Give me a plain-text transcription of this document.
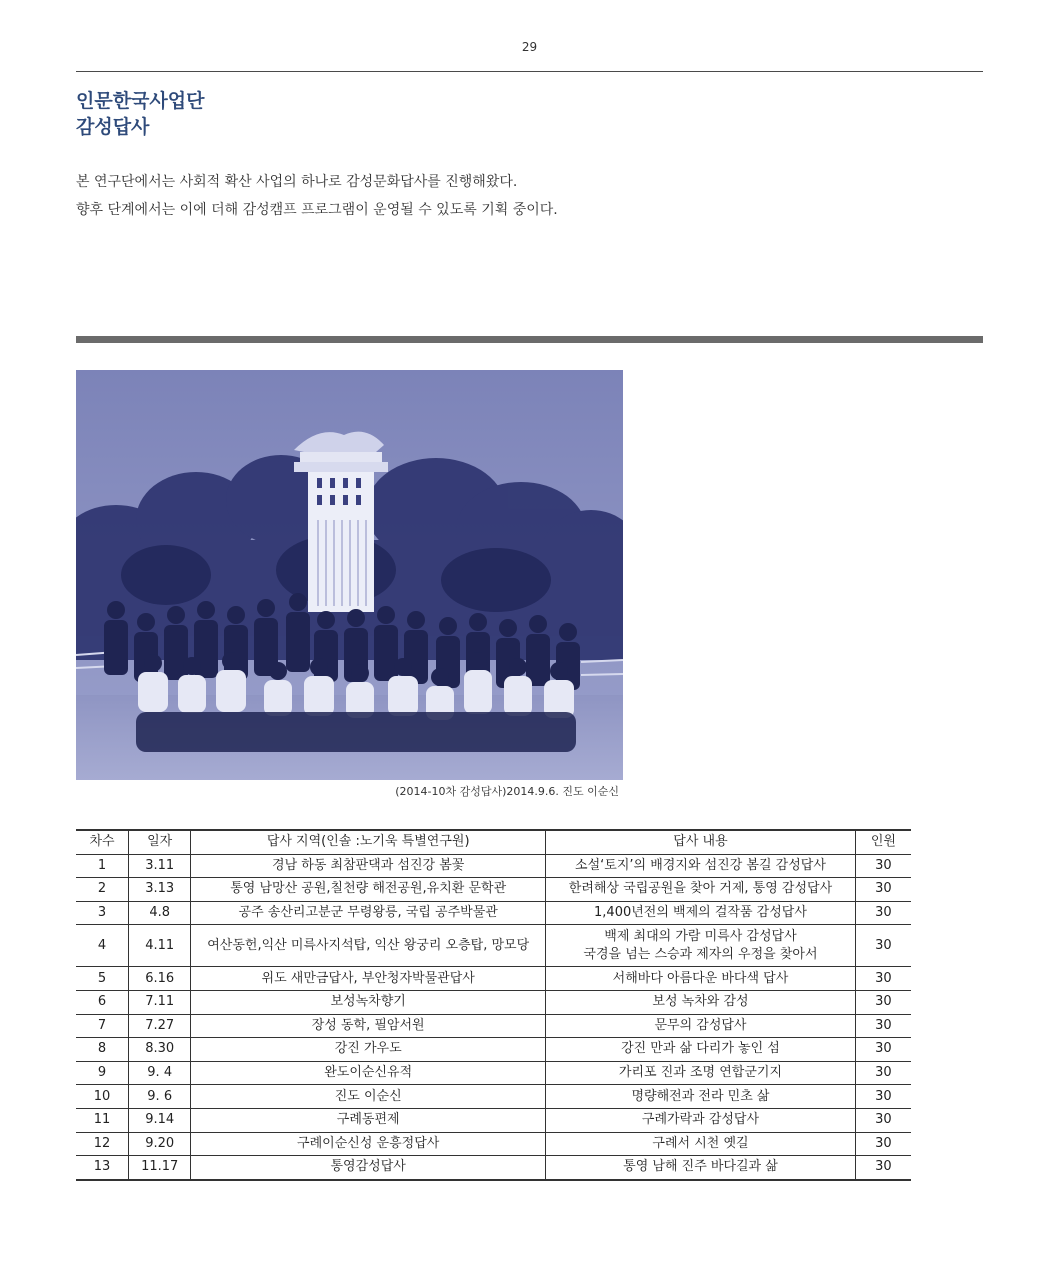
29
인문한국사업단
감성답사
본 연구단에서는 사회적 확산 사업의 하나로 감성문화답사를 진행해왔다.
향후 단계에서는 이에 더해 감성캠프 프로그램이 운영될 수 있도록 기획 중이다.
(2014-10차 감성답사)2014.9.6. 진도 이순신
차수	일자	답사 지역(인솔 :노기욱 특별연구원)	답사 내용	인원
1	3.11	경남 하동 최참판댁과 섬진강 봄꽃	소설‘토지’의 배경지와 섬진강 봄길 감성답사	30
2	3.13	통영 남망산 공원,칠천량 해전공원,유치환 문학관	한려해상 국립공원을 찾아 거제, 통영 감성답사	30
3	4.8	공주 송산리고분군 무령왕릉, 국립 공주박물관	1,400년전의 백제의 걸작품 감성답사	30
4	4.11	여산동헌,익산 미륵사지석탑, 익산 왕궁리 오층탑, 망모당	백제 최대의 가람 미륵사 감성답사
국경을 넘는 스승과 제자의 우정을 찾아서	30
5	6.16	위도 새만금답사, 부안청자박물관답사	서해바다 아름다운 바다색 답사	30
6	7.11	보성녹차향기	보성 녹차와 감성	30
7	7.27	장성 동학, 필암서원	문무의 감성답사	30
8	8.30	강진 가우도	강진 만과 삶 다리가 놓인 섬	30
9	9. 4	완도이순신유적	가리포 진과 조명 연합군기지	30
10	9. 6	진도 이순신	명량해전과 전라 민초 삶	30
11	9.14	구례동편제	구례가락과 감성답사	30
12	9.20	구례이순신성 운흥정답사	구례서 시천 옛길	30
13	11.17	통영감성답사	통영 남해 진주 바다길과 삶	30
